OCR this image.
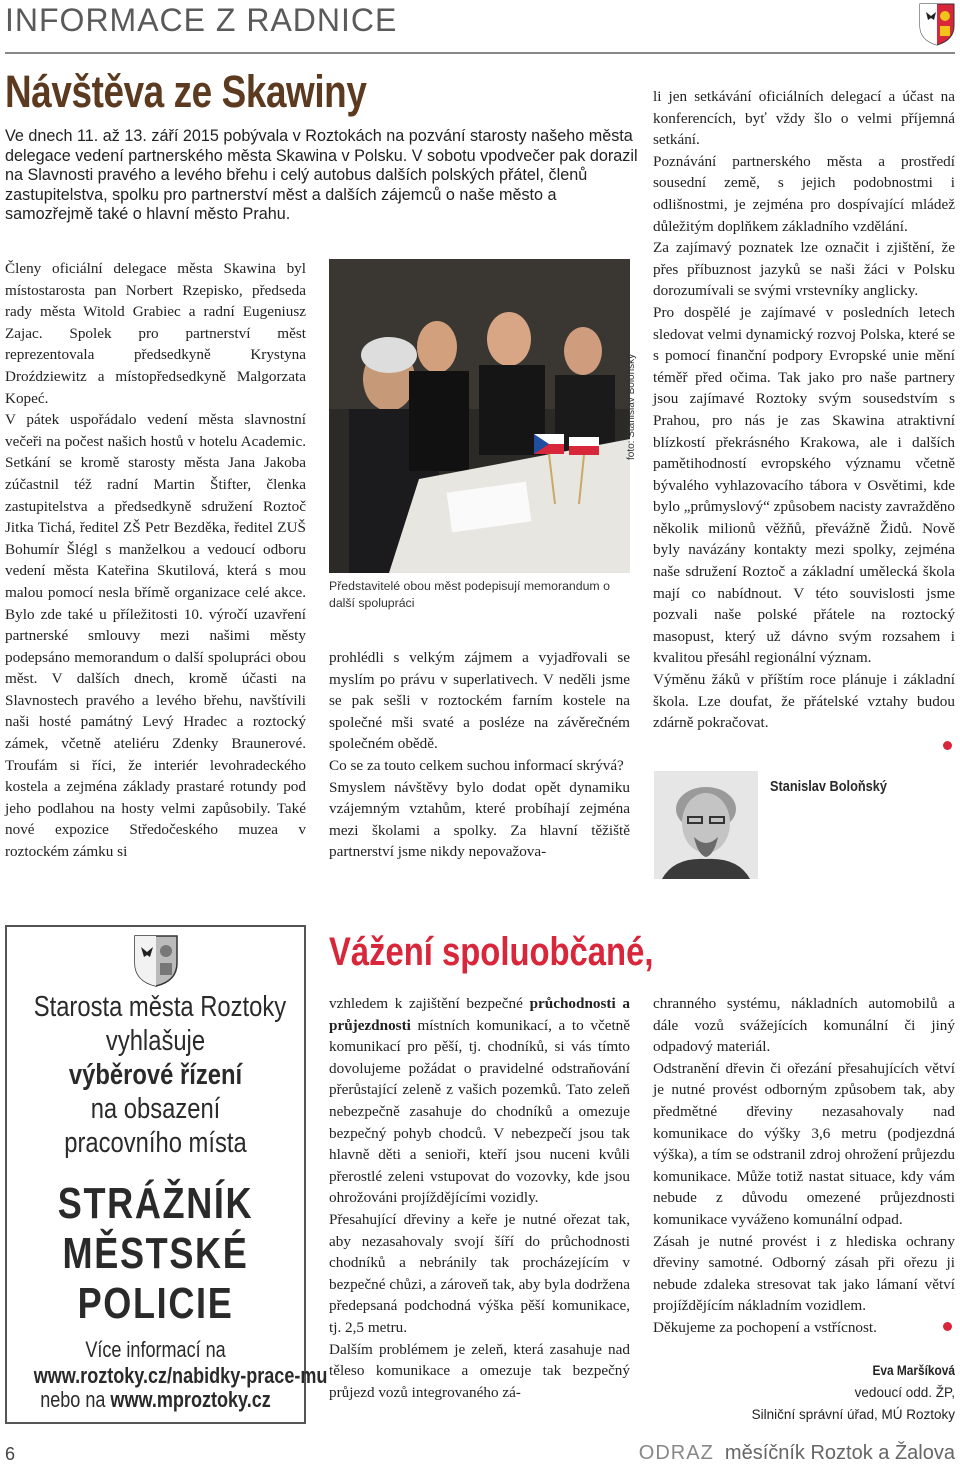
INFORMACE Z RADNICE
Návštěva ze Skawiny
Ve dnech 11. až 13. září 2015 pobývala v Roztokách na pozvání starosty našeho města delegace vedení partnerského města Skawina v Polsku. V sobotu vpodvečer pak dorazil na Slavnosti pravého a levého břehu i celý autobus dalších polských přátel, členů zastupitelstva, spolku pro partnerství měst a dalších zájemců o naše město a samozřejmě také o hlavní město Prahu.

Členy oficiální delegace města Skawina byl místostarosta pan Norbert Rzepisko, předseda rady města Witold Grabiec a radní Eugeniusz Zajac. Spolek pro partnerství měst reprezentovala předsedkyně Krystyna Droździewitz a místopředsedkyně Malgorzata Kopeć.

V pátek uspořádalo vedení města slavnostní večeři na počest našich hostů v hotelu Academic. Setkání se kromě starosty města Jana Jakoba zúčastnil též radní Martin Štifter, členka zastupitelstva a předsedkyně sdružení Roztoč Jitka Tichá, ředitel ZŠ Petr Bezděka, ředitel ZUŠ Bohumír Šlégl s manželkou a vedoucí odboru vedení města Kateřina Skutilová, která s mou malou pomocí nesla břímě organizace celé akce. Bylo zde také u příležitosti 10. výročí uzavření partnerské smlouvy mezi našimi městy podepsáno memorandum o další spolupráci obou měst. V dalších dnech, kromě účasti na Slavnostech pravého a levého břehu, navštívili naši hosté památný Levý Hradec a roztocký zámek, včetně ateliéru Zdenky Braunerové. Troufám si říci, že interiér levohradeckého kostela a zejména základy prastaré rotundy pod jeho podlahou na hosty velmi zapůsobily. Také nové expozice Středočeského muzea v roztockém zámku si

foto: Stanislav Boloňský
Představitelé obou měst podepisují memorandum o další spolupráci

prohlédli s velkým zájmem a vyjadřovali se myslím po právu v superlativech. V neděli jsme se pak sešli v roztockém farním kostele na společné mši svaté a posléze na závěrečném společném obědě.

Co se za touto celkem suchou informací skrývá?

Smyslem návštěvy bylo dodat opět dynamiku vzájemným vztahům, které probíhají zejména mezi školami a spolky. Za hlavní těžiště partnerství jsme nikdy nepovažova-

li jen setkávání oficiálních delegací a účast na konferencích, byť vždy šlo o velmi příjemná setkání.

Poznávání partnerského města a prostředí sousední země, s jejich podobnostmi i odlišnostmi, je zejména pro dospívající mládež důležitým doplňkem základního vzdělání.

Za zajímavý poznatek lze označit i zjištění, že přes příbuznost jazyků se naši žáci v Polsku dorozumívali se svými vrstevníky anglicky.

Pro dospělé je zajímavé v posledních letech sledovat velmi dynamický rozvoj Polska, které se s pomocí finanční podpory Evropské unie mění téměř před očima. Tak jako pro naše partnery jsou zajímavé Roztoky svým sousedstvím s Prahou, pro nás je zas Skawina atraktivní blízkostí překrásného Krakowa, ale i dalších pamětihodností evropského významu včetně bývalého vyhlazovacího tábora v Osvětimi, kde bylo „průmyslový“ způsobem nacisty zavražděno několik milionů věžňů, převážně Židů. Nově byly navázány kontakty mezi spolky, zejména naše sdružení Roztoč a základní umělecká škola mají co nabídnout. V této souvislosti jsme pozvali naše polské přátele na roztocký masopust, který už dávno svým rozsahem i kvalitou přesáhl regionální význam.

Výměnu žáků v příštím roce plánuje i základní škola. Lze doufat, že přátelské vztahy budou zdárně pokračovat.

Stanislav Boloňský
Starosta města Roztoky
vyhlašuje
výběrové řízení
na obsazení
pracovního místa
STRÁŽNÍK
MĚSTSKÉ
POLICIE
Více informací na
www.roztoky.cz/nabidky-prace-mu
nebo na www.mproztoky.cz
Vážení spoluobčané,

vzhledem k zajištění bezpečné průchodnosti a průjezdnosti místních komunikací, a to včetně komunikací pro pěší, tj. chodníků, si vás tímto dovolujeme požádat o pravidelné odstraňování přerůstající zeleně z vašich pozemků. Tato zeleň nebezpečně zasahuje do chodníků a omezuje bezpečný pohyb chodců. V nebezpečí jsou tak hlavně děti a senioři, kteří jsou nuceni kvůli přerostlé zeleni vstupovat do vozovky, kde jsou ohrožováni projíždějícími vozidly.

Přesahující dřeviny a keře je nutné ořezat tak, aby nezasahovaly svojí šíří do průchodnosti chodníků a nebránily tak procházejícím v bezpečné chůzi, a zároveň tak, aby byla dodržena předepsaná podchodná výška pěší komunikace, tj. 2,5 metru.

Dalším problémem je zeleň, která zasahuje nad těleso komunikace a omezuje tak bezpečný průjezd vozů integrovaného zá-

chranného systému, nákladních automobilů a dále vozů svážejících komunální či jiný odpadový materiál.

Odstranění dřevin či ořezání přesahujících větví je nutné provést odborným způsobem tak, aby předmětné dřeviny nezasahovaly nad komunikace do výšky 3,6 metru (podjezdná výška), a tím se odstranil zdroj ohrožení průjezdu komunikace. Může totiž nastat situace, kdy vám nebude z důvodu omezené průjezdnosti komunikace vyváženo komunální odpad.

Zásah je nutné provést i z hlediska ochrany dřeviny samotné. Odborný zásah při ořezu ji nebude zdaleka stresovat tak jako lámaní větví projíždějícím nákladním vozidlem.

Děkujeme za pochopení a vstřícnost.

Eva Maršíková
vedoucí odd. ŽP,
Silniční správní úřad, MÚ Roztoky
6	ODRAZ měsíčník Roztok a Žalova
